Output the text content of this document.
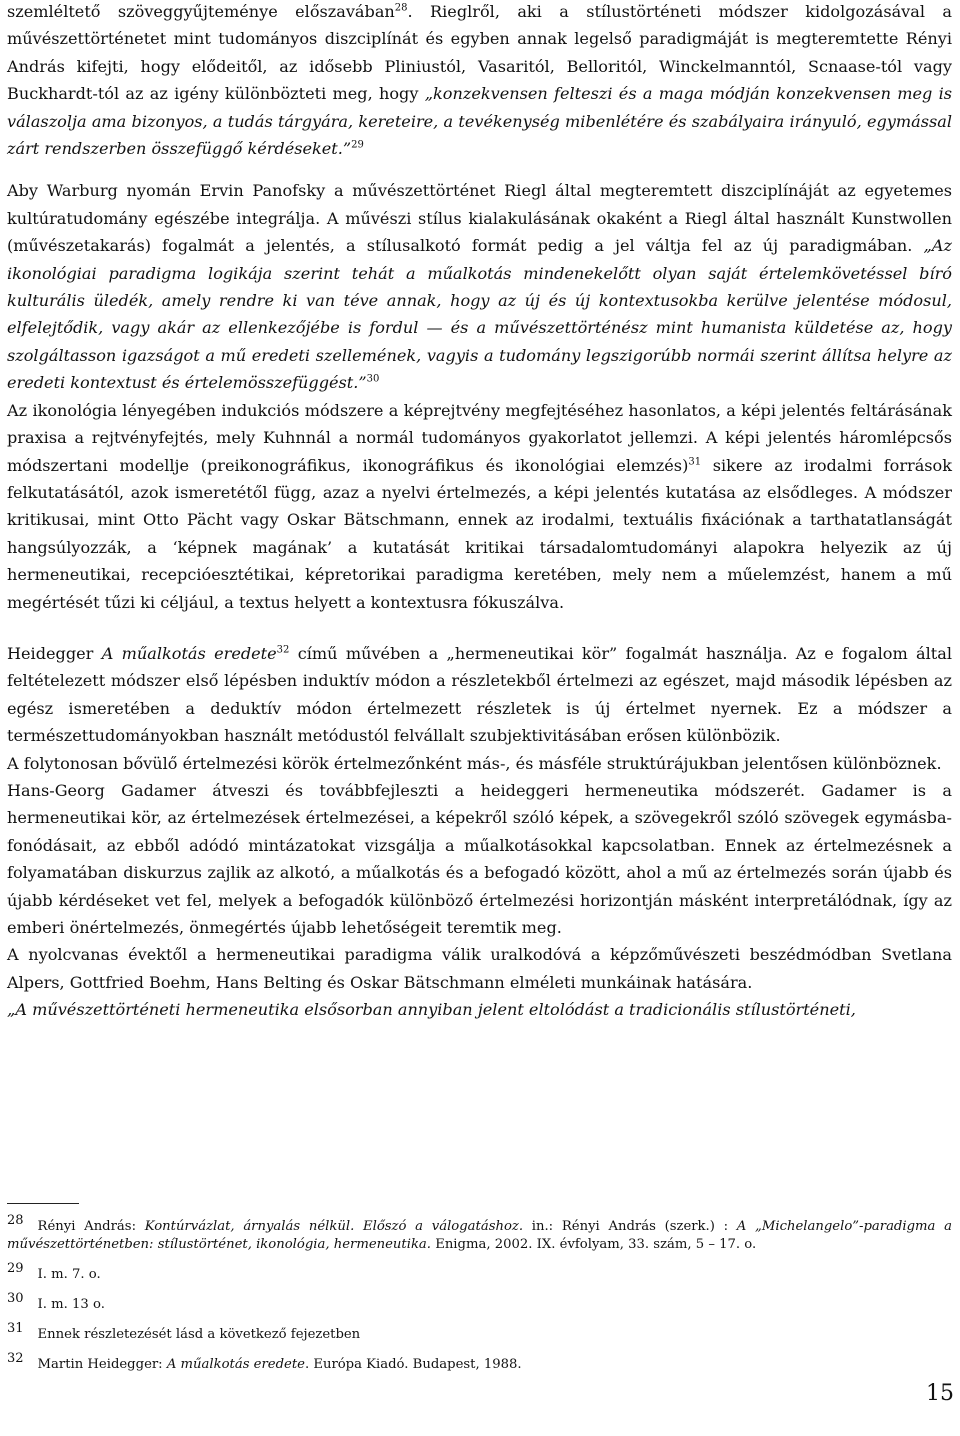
szemléltető szöveggyűjteménye előszavában$^{28}$. Rieglről, aki a stílustörténeti módszer kidolgozásával a művészettörténetet mint tudományos diszciplínát és egyben annak legelső paradigmáját is megteremtette Rényi András kifejti, hogy elődeitől, az idősebb Pliniustól, Vasaritól, Belloritól, Winckelmanntól, Scnaase-tól vagy Buckhardt-tól az az igény különbözteti meg, hogy „konzekvensen felteszi és a maga módján konzekvensen meg is válaszolja ama bizonyos, a tudás tárgyára, kereteire, a tevékenység mibenlétére és szabályaira irányuló, egymással zárt rendszerben összefüggő kérdéseket.”$^{29}$

Aby Warburg nyomán Ervin Panofsky a művészettörténet Riegl által megteremtett diszciplínáját az egyetemes kultúratudomány egészébe integrálja. A művészi stílus kialakulásának okaként a Riegl által használt Kunstwollen (művészetakarás) fogalmát a jelentés, a stílusalkotó formát pedig a jel váltja fel az új paradigmában. „Az ikonológiai paradigma logikája szerint tehát a műalkotás mindenekelőtt olyan saját értelemkövetéssel bíró kulturális üledék, amely rendre ki van téve annak, hogy az új és új kontextusokba kerülve jelentése módosul, elfelejtődik, vagy akár az ellenkezőjébe is fordul — és a művészettörténész mint humanista küldetése az, hogy szolgáltasson igazságot a mű eredeti szellemének, vagyis a tudomány legszigorúbb normái szerint állítsa helyre az eredeti kontextust és értelemösszefüggést.”$^{30}$

Az ikonológia lényegében indukciós módszere a képrejtvény megfejtéséhez hasonlatos, a képi jelentés feltárásának praxisa a rejtvényfejtés, mely Kuhnnál a normál tudományos gyakorlatot jellemzi. A képi jelentés háromlépcsős módszertani modellje (preikonográfikus, ikonográfikus és ikonológiai elemzés)$^{31}$ sikere az irodalmi források felkutatásától, azok ismeretétől függ, azaz a nyelvi értelmezés, a képi jelentés kutatása az elsődleges. A módszer kritikusai, mint Otto Pächt vagy Oskar Bätschmann, ennek az irodalmi, textuális fixációnak a tarthatatlanságát hangsúlyozzák, a ‘képnek magának’ a kutatását kritikai társadalomtudományi alapokra helyezik az új hermeneutikai, recepcióesztétikai, képretorikai paradigma keretében, mely nem a műelemzést, hanem a mű megértését tűzi ki céljául, a textus helyett a kontextusra fókuszálva.

Heidegger A műalkotás eredete$^{32}$ című művében a „hermeneutikai kör” fogalmát használja. Az e fogalom által feltételezett módszer első lépésben induktív módon a részletekből értelmezi az egészet, majd második lépésben az egész ismeretében a deduktív módon értelmezett részletek is új értelmet nyernek. Ez a módszer a természettudományokban használt metódustól felvállalt szubjektivitásában erősen különbözik.

A folytonosan bővülő értelmezési körök értelmezőnként más-, és másféle struktúrájukban jelentősen különböznek.

Hans-Georg Gadamer átveszi és továbbfejleszti a heideggeri hermeneutika módszerét. Gadamer is a hermeneutikai kör, az értelmezések értelmezései, a képekről szóló képek, a szövegekről szóló szövegek egymásba-fonódásait, az ebből adódó mintázatokat vizsgálja a műalkotásokkal kapcsolatban. Ennek az értelmezésnek a folyamatában diskurzus zajlik az alkotó, a műalkotás és a befogadó között, ahol a mű az értelmezés során újabb és újabb kérdéseket vet fel, melyek a befogadók különböző értelmezési horizontján másként interpretálódnak, így az emberi önértelmezés, önmegértés újabb lehetőségeit teremtik meg.

A nyolcvanas évektől a hermeneutikai paradigma válik uralkodóvá a képzőművészeti beszédmódban Svetlana Alpers, Gottfried Boehm, Hans Belting és Oskar Bätschmann elméleti munkáinak hatására.

„A művészettörténeti hermeneutika elsősorban annyiban jelent eltolódást a tradicionális stílustörténeti,

28 Rényi András: Kontúrvázlat, árnyalás nélkül. Előszó a válogatáshoz. in.: Rényi András (szerk.) : A „Michelangelo”-paradigma a művészettörténetben: stílustörténet, ikonológia, hermeneutika. Enigma, 2002. IX. évfolyam, 33. szám, 5 – 17. o.

29 I. m. 7. o.

30 I. m. 13 o.

31 Ennek részletezését lásd a következő fejezetben

32 Martin Heidegger: A műalkotás eredete. Európa Kiadó. Budapest, 1988.

15
